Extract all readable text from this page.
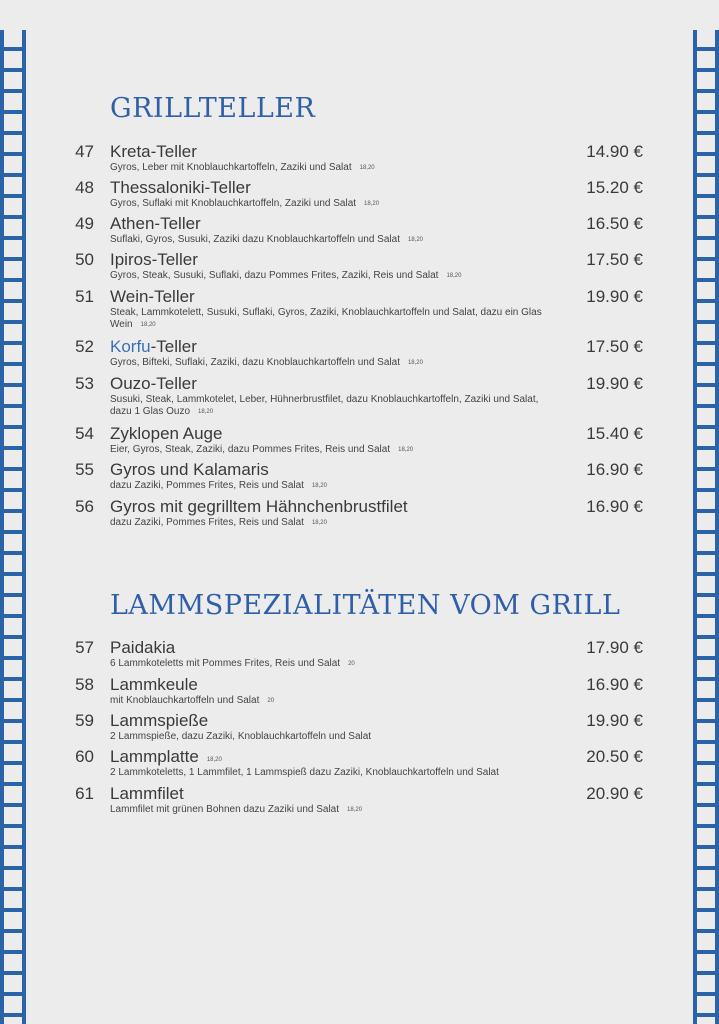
GRILLTELLER
47 Kreta-Teller	14.90 €
Gyros, Leber mit Knoblauchkartoffeln, Zaziki und Salat 18,20
48 Thessaloniki-Teller	15.20 €
Gyros, Suflaki mit Knoblauchkartoffeln, Zaziki und Salat 18,20
49 Athen-Teller	16.50 €
Suflaki, Gyros, Susuki, Zaziki dazu Knoblauchkartoffeln und Salat 18,20
50 Ipiros-Teller	17.50 €
Gyros, Steak, Susuki, Suflaki, dazu Pommes Frites, Zaziki, Reis und Salat 18,20
51 Wein-Teller	19.90 €
Steak, Lammkotelett, Susuki, Suflaki, Gyros, Zaziki, Knoblauchkartoffeln und Salat, dazu ein Glas Wein 18,20
52 Korfu-Teller	17.50 €
Gyros, Bifteki, Suflaki, Zaziki, dazu Knoblauchkartoffeln und Salat 18,20
53 Ouzo-Teller	19.90 €
Susuki, Steak, Lammkotelet, Leber, Hühnerbrustfilet, dazu Knoblauchkartoffeln, Zaziki und Salat, dazu 1 Glas Ouzo 18,20
54 Zyklopen Auge	15.40 €
Eier, Gyros, Steak, Zaziki, dazu Pommes Frites, Reis und Salat 18,20
55 Gyros und Kalamaris	16.90 €
dazu Zaziki, Pommes Frites, Reis und Salat 18,20
56 Gyros mit gegrilltem Hähnchenbrustfilet	16.90 €
dazu Zaziki, Pommes Frites, Reis und Salat 18,20
LAMMSPEZIALITÄTEN VOM GRILL
57 Paidakia	17.90 €
6 Lammkoteletts mit Pommes Frites, Reis und Salat 20
58 Lammkeule	16.90 €
mit Knoblauchkartoffeln und Salat 20
59 Lammspieße	19.90 €
2 Lammspieße, dazu Zaziki, Knoblauchkartoffeln und Salat
60 Lammplatte 18,20	20.50 €
2 Lammkoteletts, 1 Lammfilet, 1 Lammspieß dazu Zaziki, Knoblauchkartoffeln und Salat
61 Lammfilet	20.90 €
Lammfilet mit grünen Bohnen dazu Zaziki und Salat 18,20
